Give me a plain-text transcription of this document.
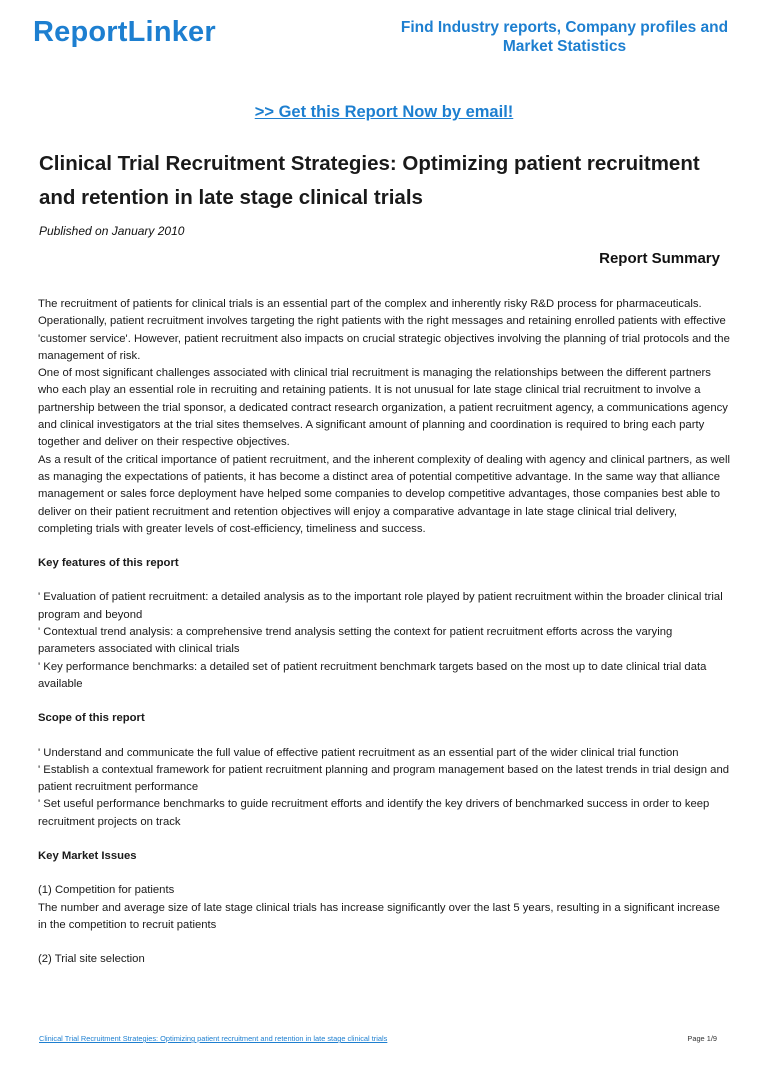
ReportLinker	Find Industry reports, Company profiles and Market Statistics
>> Get this Report Now by email!
Clinical Trial Recruitment Strategies: Optimizing patient recruitment and retention in late stage clinical trials
Published on January 2010
Report Summary

The recruitment of patients for clinical trials is an essential part of the complex and inherently risky R&D process for pharmaceuticals. Operationally, patient recruitment involves targeting the right patients with the right messages and retaining enrolled patients with effective 'customer service'. However, patient recruitment also impacts on crucial strategic objectives involving the planning of trial protocols and the management of risk.

One of most significant challenges associated with clinical trial recruitment is managing the relationships between the different partners who each play an essential role in recruiting and retaining patients. It is not unusual for late stage clinical trial recruitment to involve a partnership between the trial sponsor, a dedicated contract research organization, a patient recruitment agency, a communications agency and clinical investigators at the trial sites themselves. A significant amount of planning and coordination is required to bring each party together and deliver on their respective objectives.

As a result of the critical importance of patient recruitment, and the inherent complexity of dealing with agency and clinical partners, as well as managing the expectations of patients, it has become a distinct area of potential competitive advantage. In the same way that alliance management or sales force deployment have helped some companies to develop competitive advantages, those companies best able to deliver on their patient recruitment and retention objectives will enjoy a comparative advantage in late stage clinical trial delivery, completing trials with greater levels of cost-efficiency, timeliness and success.

Key features of this report

' Evaluation of patient recruitment: a detailed analysis as to the important role played by patient recruitment within the broader clinical trial program and beyond

' Contextual trend analysis: a comprehensive trend analysis setting the context for patient recruitment efforts across the varying parameters associated with clinical trials

' Key performance benchmarks: a detailed set of patient recruitment benchmark targets based on the most up to date clinical trial data available

Scope of this report

' Understand and communicate the full value of effective patient recruitment as an essential part of the wider clinical trial function

' Establish a contextual framework for patient recruitment planning and program management based on the latest trends in trial design and patient recruitment performance

' Set useful performance benchmarks to guide recruitment efforts and identify the key drivers of benchmarked success in order to keep recruitment projects on track

Key Market Issues

(1) Competition for patients

The number and average size of late stage clinical trials has increase significantly over the last 5 years, resulting in a significant increase in the competition to recruit patients

(2) Trial site selection

Clinical Trial Recruitment Strategies: Optimizing patient recruitment and retention in late stage clinical trials	Page 1/9
